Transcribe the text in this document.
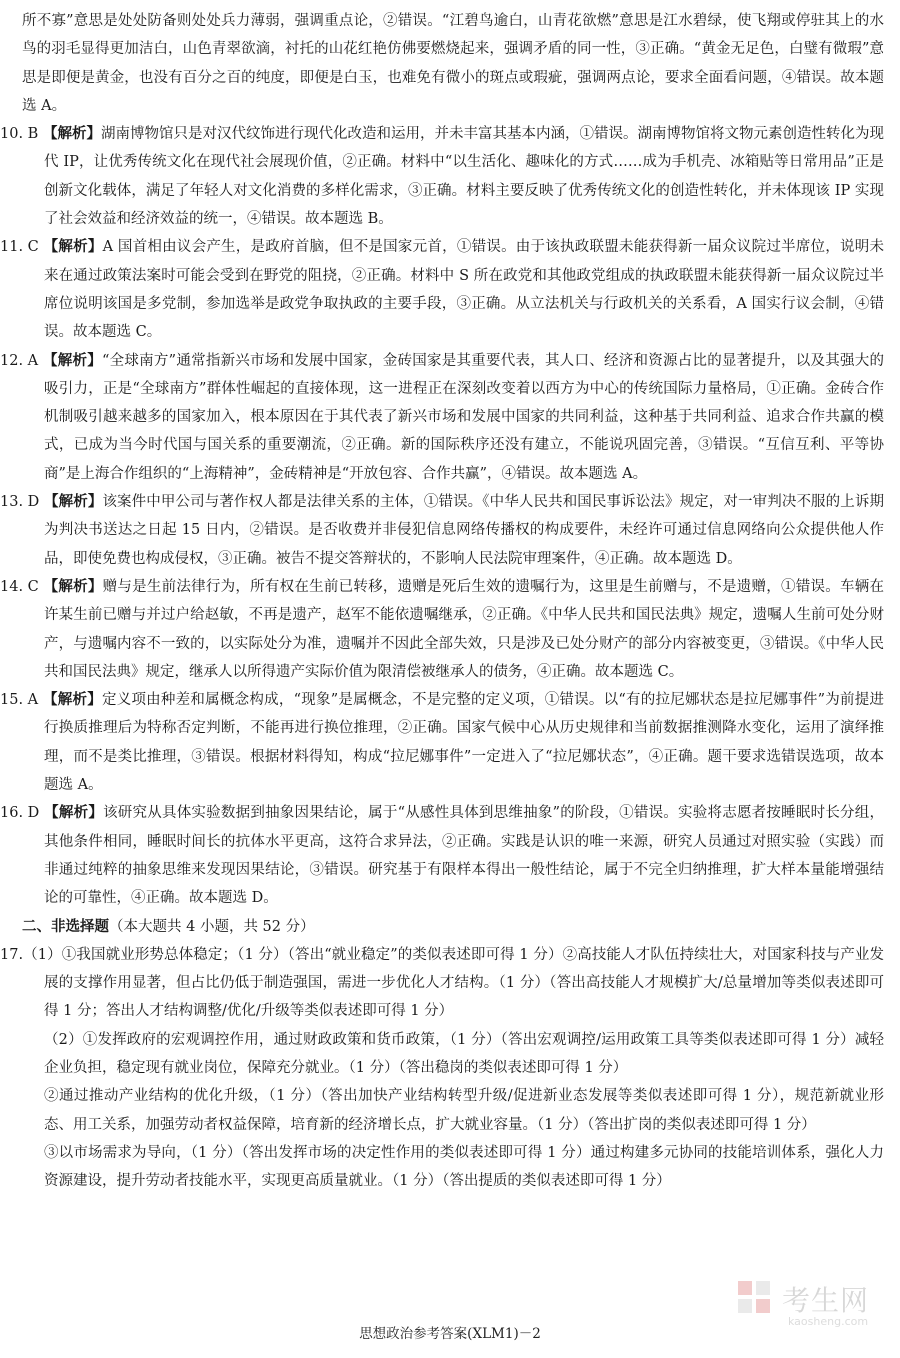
所不寡”意思是处处防备则处处兵力薄弱，强调重点论，②错误。“江碧鸟逾白，山青花欲燃”意思是江水碧绿，使飞翔或停驻其上的水鸟的羽毛显得更加洁白，山色青翠欲滴，衬托的山花红艳仿佛要燃烧起来，强调矛盾的同一性，③正确。“黄金无足色，白璧有微瑕”意思是即便是黄金，也没有百分之百的纯度，即便是白玉，也难免有微小的斑点或瑕疵，强调两点论，要求全面看问题，④错误。故本题选 A。
10. B 【解析】湖南博物馆只是对汉代纹饰进行现代化改造和运用，并未丰富其基本内涵，①错误。湖南博物馆将文物元素创造性转化为现代 IP，让优秀传统文化在现代社会展现价值，②正确。材料中“以生活化、趣味化的方式……成为手机壳、冰箱贴等日常用品”正是创新文化载体，满足了年轻人对文化消费的多样化需求，③正确。材料主要反映了优秀传统文化的创造性转化，并未体现该 IP 实现了社会效益和经济效益的统一，④错误。故本题选 B。
11. C 【解析】A 国首相由议会产生，是政府首脑，但不是国家元首，①错误。由于该执政联盟未能获得新一届众议院过半席位，说明未来在通过政策法案时可能会受到在野党的阻挠，②正确。材料中 S 所在政党和其他政党组成的执政联盟未能获得新一届众议院过半席位说明该国是多党制，参加选举是政党争取执政的主要手段，③正确。从立法机关与行政机关的关系看，A 国实行议会制，④错误。故本题选 C。
12. A 【解析】“全球南方”通常指新兴市场和发展中国家，金砖国家是其重要代表，其人口、经济和资源占比的显著提升，以及其强大的吸引力，正是“全球南方”群体性崛起的直接体现，这一进程正在深刻改变着以西方为中心的传统国际力量格局，①正确。金砖合作机制吸引越来越多的国家加入，根本原因在于其代表了新兴市场和发展中国家的共同利益，这种基于共同利益、追求合作共赢的模式，已成为当今时代国与国关系的重要潮流，②正确。新的国际秩序还没有建立，不能说巩固完善，③错误。“互信互利、平等协商”是上海合作组织的“上海精神”，金砖精神是“开放包容、合作共赢”，④错误。故本题选 A。
13. D 【解析】该案件中甲公司与著作权人都是法律关系的主体，①错误。《中华人民共和国民事诉讼法》规定，对一审判决不服的上诉期为判决书送达之日起 15 日内，②错误。是否收费并非侵犯信息网络传播权的构成要件，未经许可通过信息网络向公众提供他人作品，即使免费也构成侵权，③正确。被告不提交答辩状的，不影响人民法院审理案件，④正确。故本题选 D。
14. C 【解析】赠与是生前法律行为，所有权在生前已转移，遗赠是死后生效的遗嘱行为，这里是生前赠与，不是遗赠，①错误。车辆在许某生前已赠与并过户给赵敏，不再是遗产，赵军不能依遗嘱继承，②正确。《中华人民共和国民法典》规定，遗嘱人生前可处分财产，与遗嘱内容不一致的，以实际处分为准，遗嘱并不因此全部失效，只是涉及已处分财产的部分内容被变更，③错误。《中华人民共和国民法典》规定，继承人以所得遗产实际价值为限清偿被继承人的债务，④正确。故本题选 C。
15. A 【解析】定义项由种差和属概念构成，“现象”是属概念，不是完整的定义项，①错误。以“有的拉尼娜状态是拉尼娜事件”为前提进行换质推理后为特称否定判断，不能再进行换位推理，②正确。国家气候中心从历史规律和当前数据推测降水变化，运用了演绎推理，而不是类比推理，③错误。根据材料得知，构成“拉尼娜事件”一定进入了“拉尼娜状态”，④正确。题干要求选错误选项，故本题选 A。
16. D 【解析】该研究从具体实验数据到抽象因果结论，属于“从感性具体到思维抽象”的阶段，①错误。实验将志愿者按睡眠时长分组，其他条件相同，睡眠时间长的抗体水平更高，这符合求异法，②正确。实践是认识的唯一来源，研究人员通过对照实验（实践）而非通过纯粹的抽象思维来发现因果结论，③错误。研究基于有限样本得出一般性结论，属于不完全归纳推理，扩大样本量能增强结论的可靠性，④正确。故本题选 D。
二、非选择题（本大题共 4 小题，共 52 分）
17.（1）①我国就业形势总体稳定；（1 分）（答出“就业稳定”的类似表述即可得 1 分）②高技能人才队伍持续壮大，对国家科技与产业发展的支撑作用显著，但占比仍低于制造强国，需进一步优化人才结构。（1 分）（答出高技能人才规模扩大/总量增加等类似表述即可得 1 分；答出人才结构调整/优化/升级等类似表述即可得 1 分）
（2）①发挥政府的宏观调控作用，通过财政政策和货币政策，（1 分）（答出宏观调控/运用政策工具等类似表述即可得 1 分）减轻企业负担，稳定现有就业岗位，保障充分就业。（1 分）（答出稳岗的类似表述即可得 1 分）
②通过推动产业结构的优化升级，（1 分）（答出加快产业结构转型升级/促进新业态发展等类似表述即可得 1 分），规范新就业形态、用工关系，加强劳动者权益保障，培育新的经济增长点，扩大就业容量。（1 分）（答出扩岗的类似表述即可得 1 分）
③以市场需求为导向，（1 分）（答出发挥市场的决定性作用的类似表述即可得 1 分）通过构建多元协同的技能培训体系，强化人力资源建设，提升劳动者技能水平，实现更高质量就业。（1 分）（答出提质的类似表述即可得 1 分）
考生网
kaosheng.com
思想政治参考答案(XLM1)－2
